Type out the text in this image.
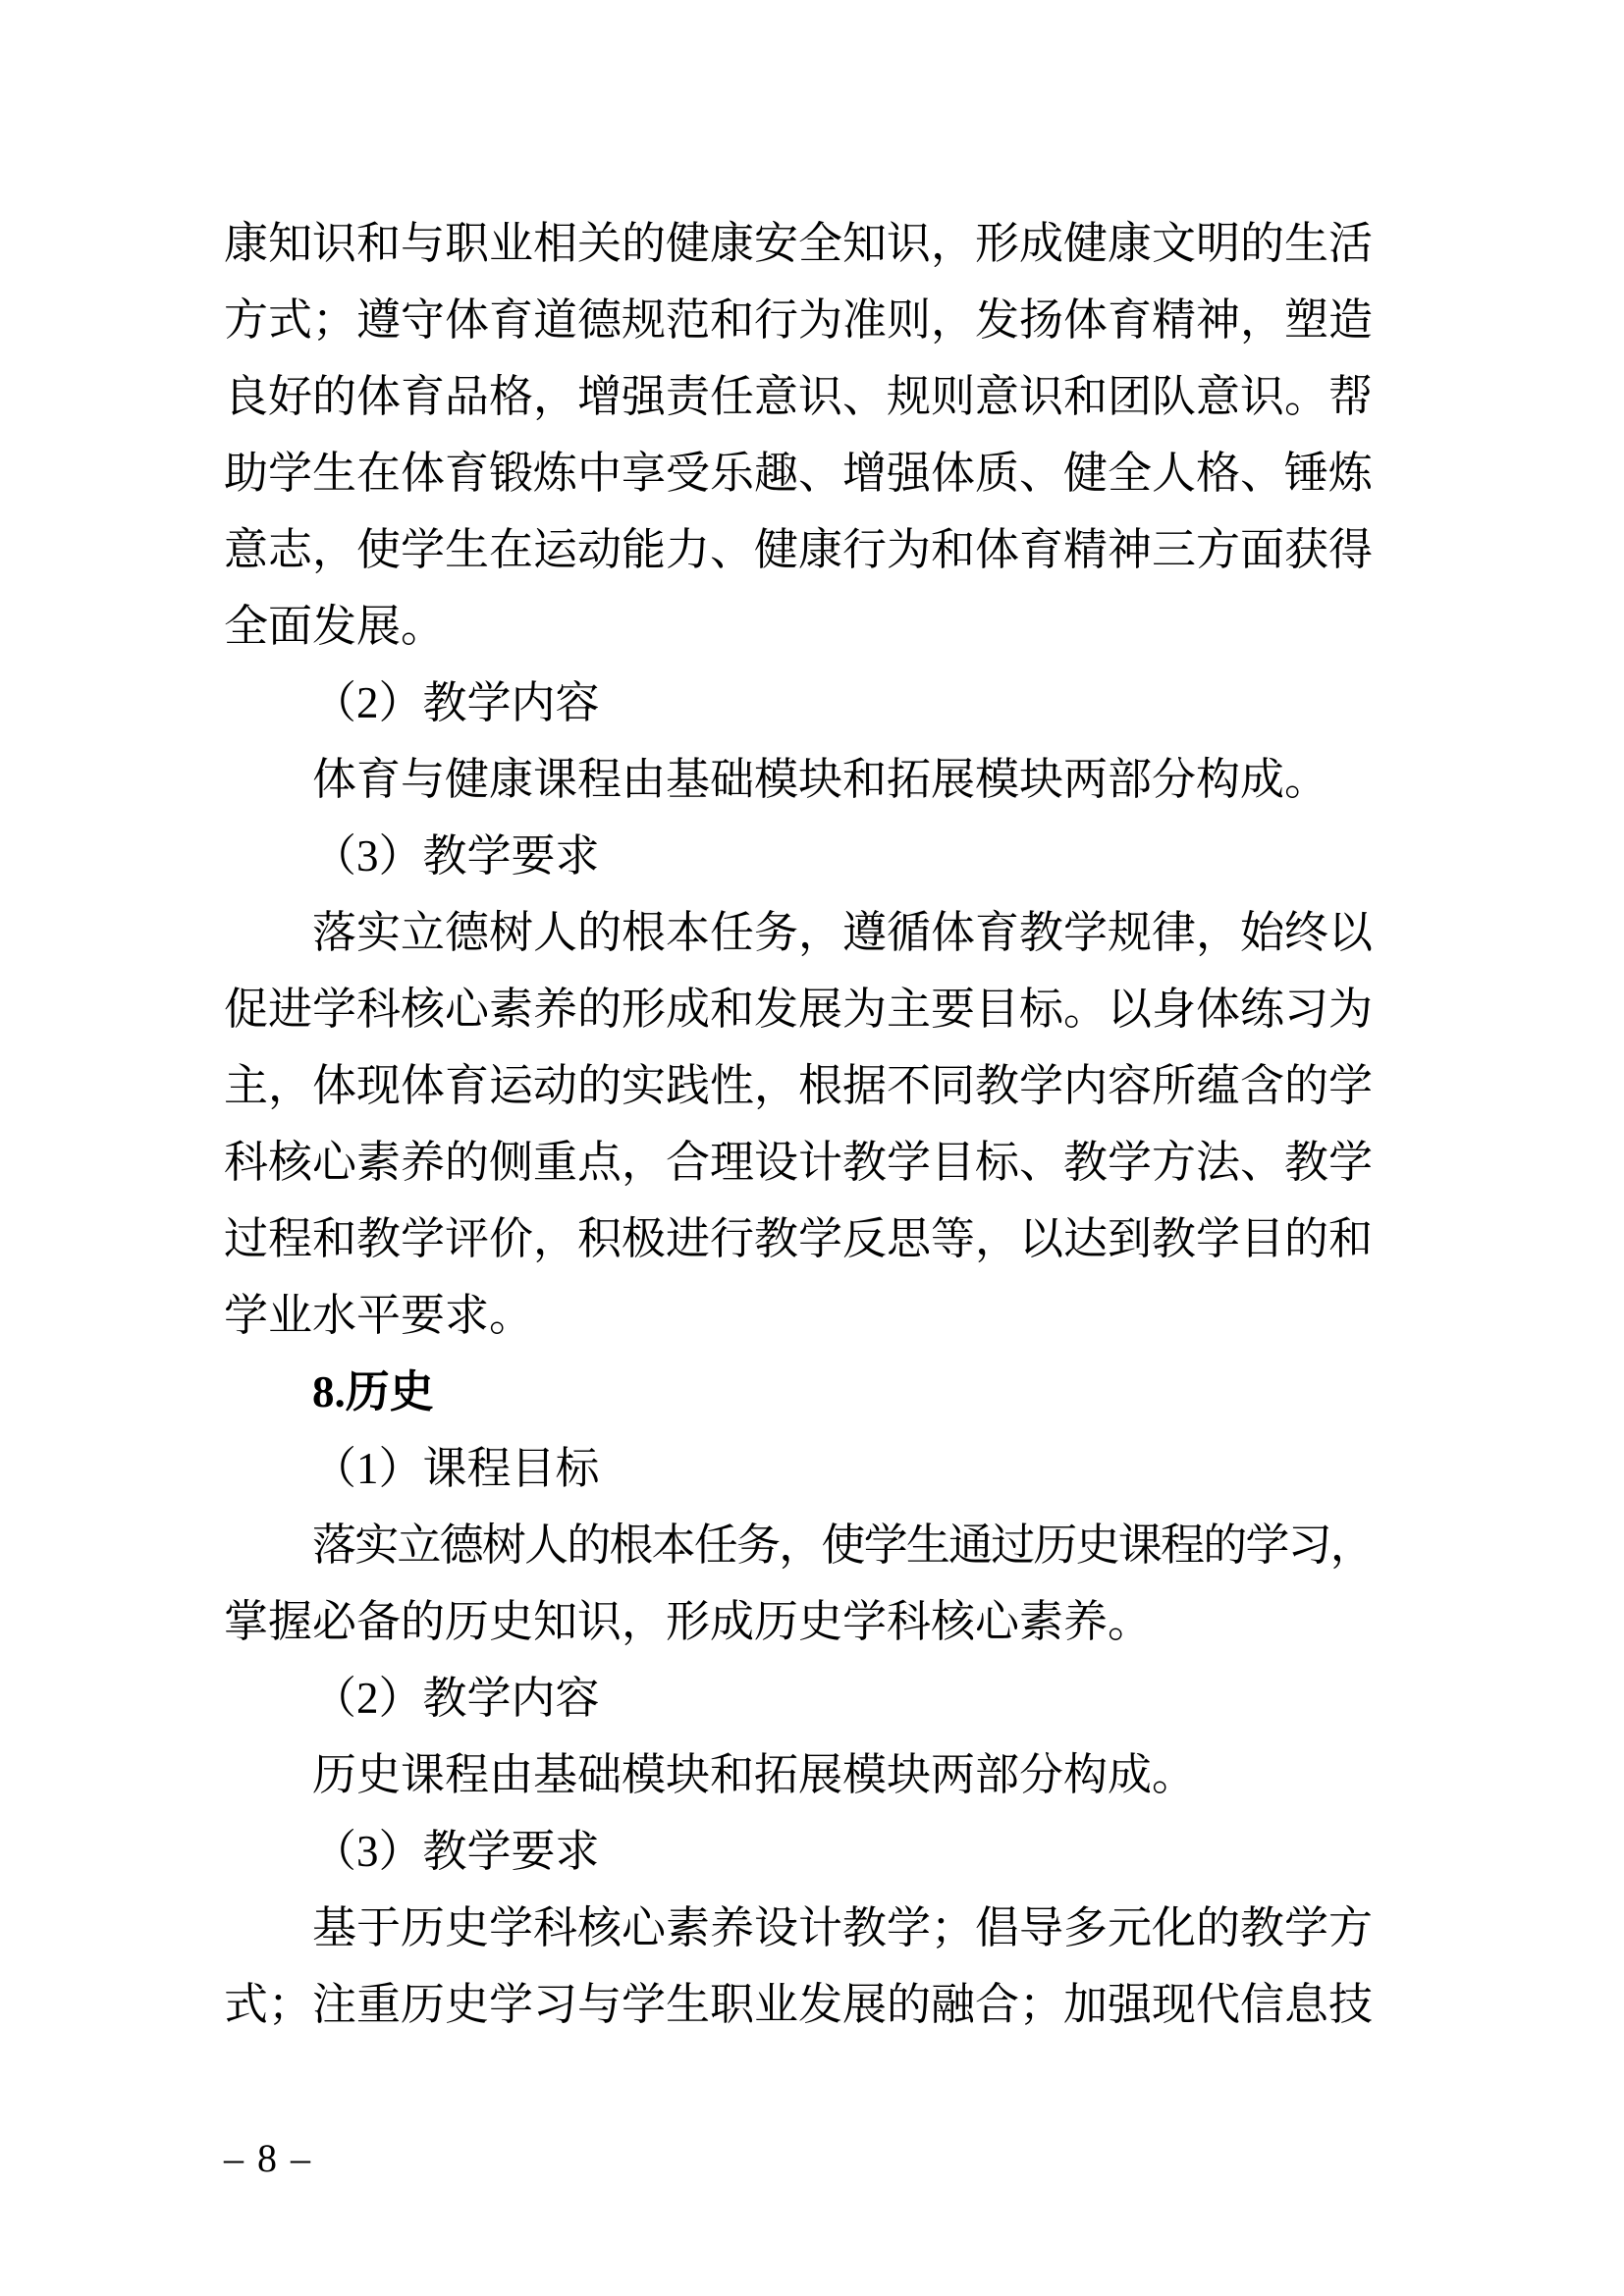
康知识和与职业相关的健康安全知识，形成健康文明的生活
方式；遵守体育道德规范和行为准则，发扬体育精神，塑造
良好的体育品格，增强责任意识、规则意识和团队意识。帮
助学生在体育锻炼中享受乐趣、增强体质、健全人格、锤炼
意志，使学生在运动能力、健康行为和体育精神三方面获得
全面发展。
（2）教学内容
体育与健康课程由基础模块和拓展模块两部分构成。
（3）教学要求
落实立德树人的根本任务，遵循体育教学规律，始终以
促进学科核心素养的形成和发展为主要目标。以身体练习为
主，体现体育运动的实践性，根据不同教学内容所蕴含的学
科核心素养的侧重点，合理设计教学目标、教学方法、教学
过程和教学评价，积极进行教学反思等，以达到教学目的和
学业水平要求。
8.历史
（1）课程目标
落实立德树人的根本任务，使学生通过历史课程的学习，
掌握必备的历史知识，形成历史学科核心素养。
（2）教学内容
历史课程由基础模块和拓展模块两部分构成。
（3）教学要求
基于历史学科核心素养设计教学；倡导多元化的教学方
式；注重历史学习与学生职业发展的融合；加强现代信息技
– 8 –
